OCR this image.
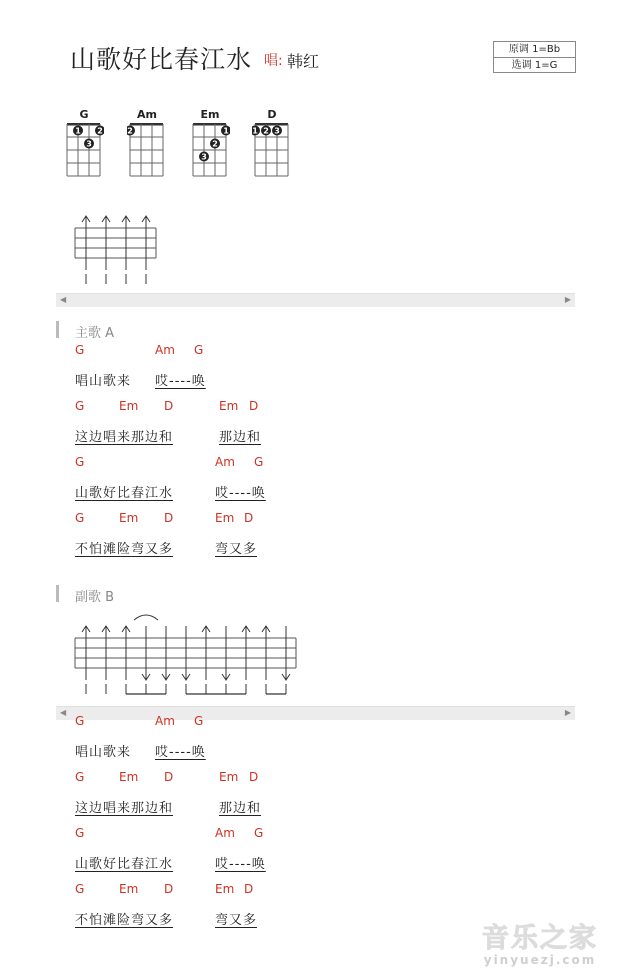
山歌好比春江水 唱: 韩红
原调 1=Bb
选调 1=G
G
1 2
3
Am
2
Em
1
2
3
D
1 2 3
◀	▶
主歌 A
G	Am G
唱山歌来 哎----唤
G	Em D	Em D
这边唱来那边和	那边和
G	Am G
山歌好比春江水	哎----唤
G	Em D	Em D
不怕滩险弯又多	弯又多
副歌 B
◀	▶
G	Am G
唱山歌来 哎----唤
G	Em D	Em D
这边唱来那边和	那边和
G	Am G
山歌好比春江水	哎----唤
G	Em D	Em D
不怕滩险弯又多	弯又多
音乐之家
yinyuezj.com
